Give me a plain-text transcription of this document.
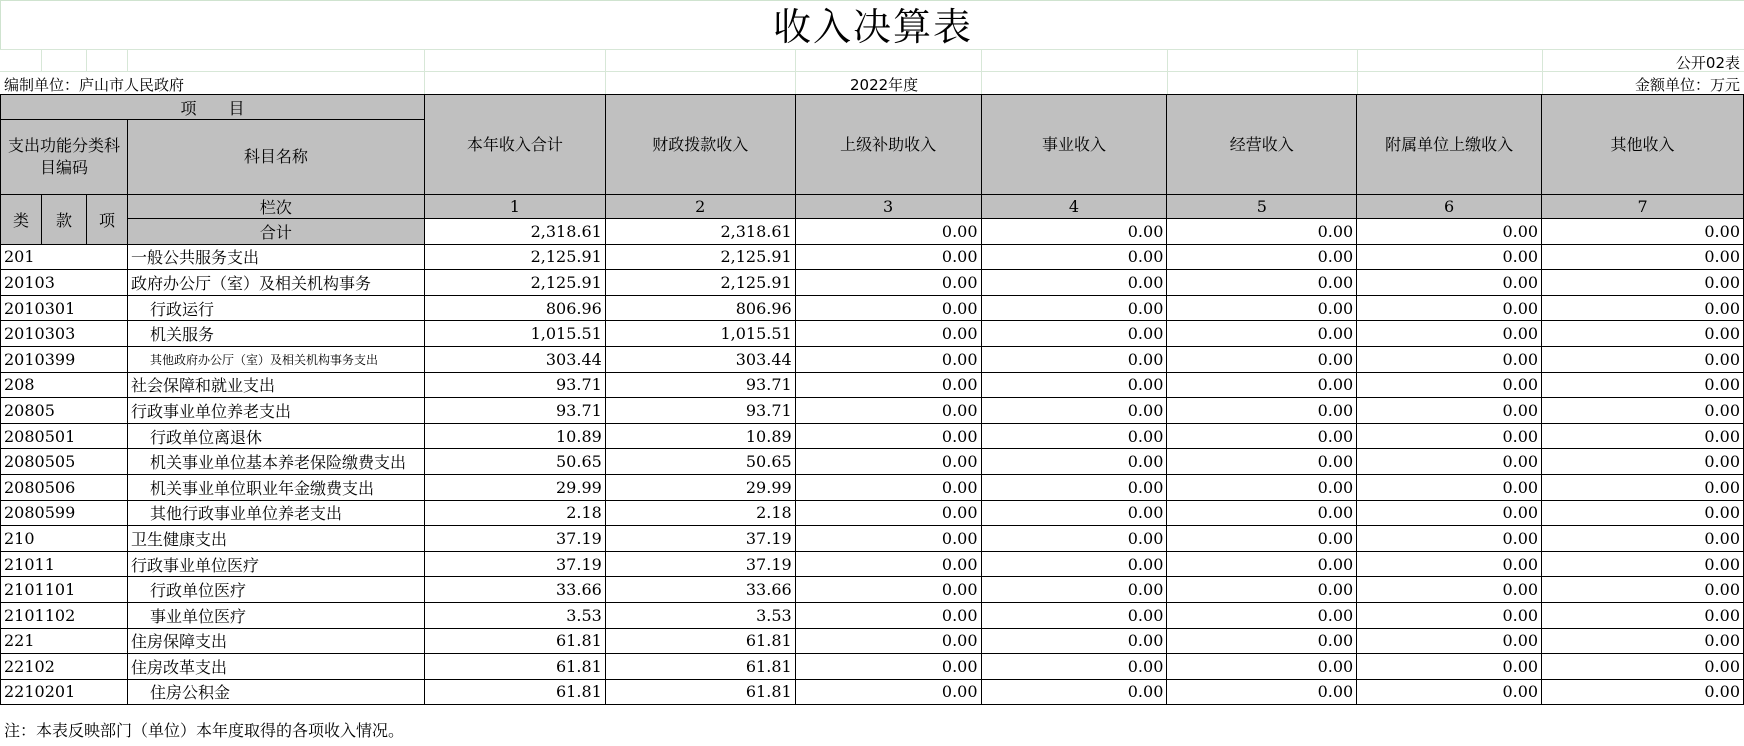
收入决算表
公开02表
编制单位：庐山市人民政府	2022年度	金额单位：万元
项　　目				本年收入合计	财政拨款收入	上级补助收入	事业收入	经营收入	附属单位上缴收入	其他收入
支出功能分类科目编码			科目名称							
类	款	项	栏次	1	2	3	4	5	6	7
			合计	2,318.61	2,318.61	0.00	0.00	0.00	0.00	0.00
201			一般公共服务支出	2,125.91	2,125.91	0.00	0.00	0.00	0.00	0.00
20103			政府办公厅（室）及相关机构事务	2,125.91	2,125.91	0.00	0.00	0.00	0.00	0.00
2010301			行政运行	806.96	806.96	0.00	0.00	0.00	0.00	0.00
2010303			机关服务	1,015.51	1,015.51	0.00	0.00	0.00	0.00	0.00
2010399			其他政府办公厅（室）及相关机构事务支出	303.44	303.44	0.00	0.00	0.00	0.00	0.00
208			社会保障和就业支出	93.71	93.71	0.00	0.00	0.00	0.00	0.00
20805			行政事业单位养老支出	93.71	93.71	0.00	0.00	0.00	0.00	0.00
2080501			行政单位离退休	10.89	10.89	0.00	0.00	0.00	0.00	0.00
2080505			机关事业单位基本养老保险缴费支出	50.65	50.65	0.00	0.00	0.00	0.00	0.00
2080506			机关事业单位职业年金缴费支出	29.99	29.99	0.00	0.00	0.00	0.00	0.00
2080599			其他行政事业单位养老支出	2.18	2.18	0.00	0.00	0.00	0.00	0.00
210			卫生健康支出	37.19	37.19	0.00	0.00	0.00	0.00	0.00
21011			行政事业单位医疗	37.19	37.19	0.00	0.00	0.00	0.00	0.00
2101101			行政单位医疗	33.66	33.66	0.00	0.00	0.00	0.00	0.00
2101102			事业单位医疗	3.53	3.53	0.00	0.00	0.00	0.00	0.00
221			住房保障支出	61.81	61.81	0.00	0.00	0.00	0.00	0.00
22102			住房改革支出	61.81	61.81	0.00	0.00	0.00	0.00	0.00
2210201			住房公积金	61.81	61.81	0.00	0.00	0.00	0.00	0.00
注：本表反映部门（单位）本年度取得的各项收入情况。
